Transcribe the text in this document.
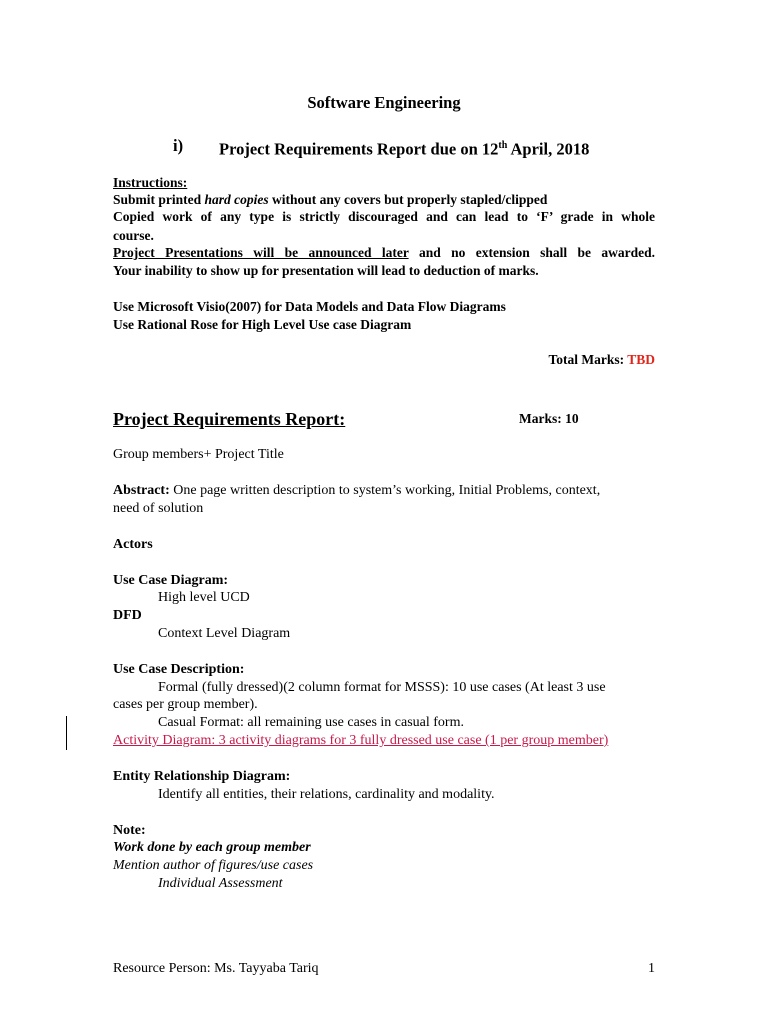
Software Engineering
i) Project Requirements Report due on 12th April, 2018
Instructions:
Submit printed hard copies without any covers but properly stapled/clipped
Copied work of any type is strictly discouraged and can lead to ‘F’ grade in whole
course.
Project Presentations will be announced later and no extension shall be awarded.
Your inability to show up for presentation will lead to deduction of marks.
Use Microsoft Visio(2007) for Data Models and Data Flow Diagrams
Use Rational Rose for High Level Use case Diagram
Total Marks: TBD
Project Requirements Report:	Marks: 10
Group members+ Project Title
Abstract: One page written description to system’s working, Initial Problems, context,
need of solution
Actors
Use Case Diagram:
High level UCD
DFD
Context Level Diagram
Use Case Description:
Formal (fully dressed)(2 column format for MSSS): 10 use cases (At least 3 use
cases per group member).
Casual Format: all remaining use cases in casual form.
Activity Diagram: 3 activity diagrams for 3 fully dressed use case (1 per group member)
Entity Relationship Diagram:
Identify all entities, their relations, cardinality and modality.
Note:
Work done by each group member
Mention author of figures/use cases
Individual Assessment
Resource Person: Ms. Tayyaba Tariq	1
